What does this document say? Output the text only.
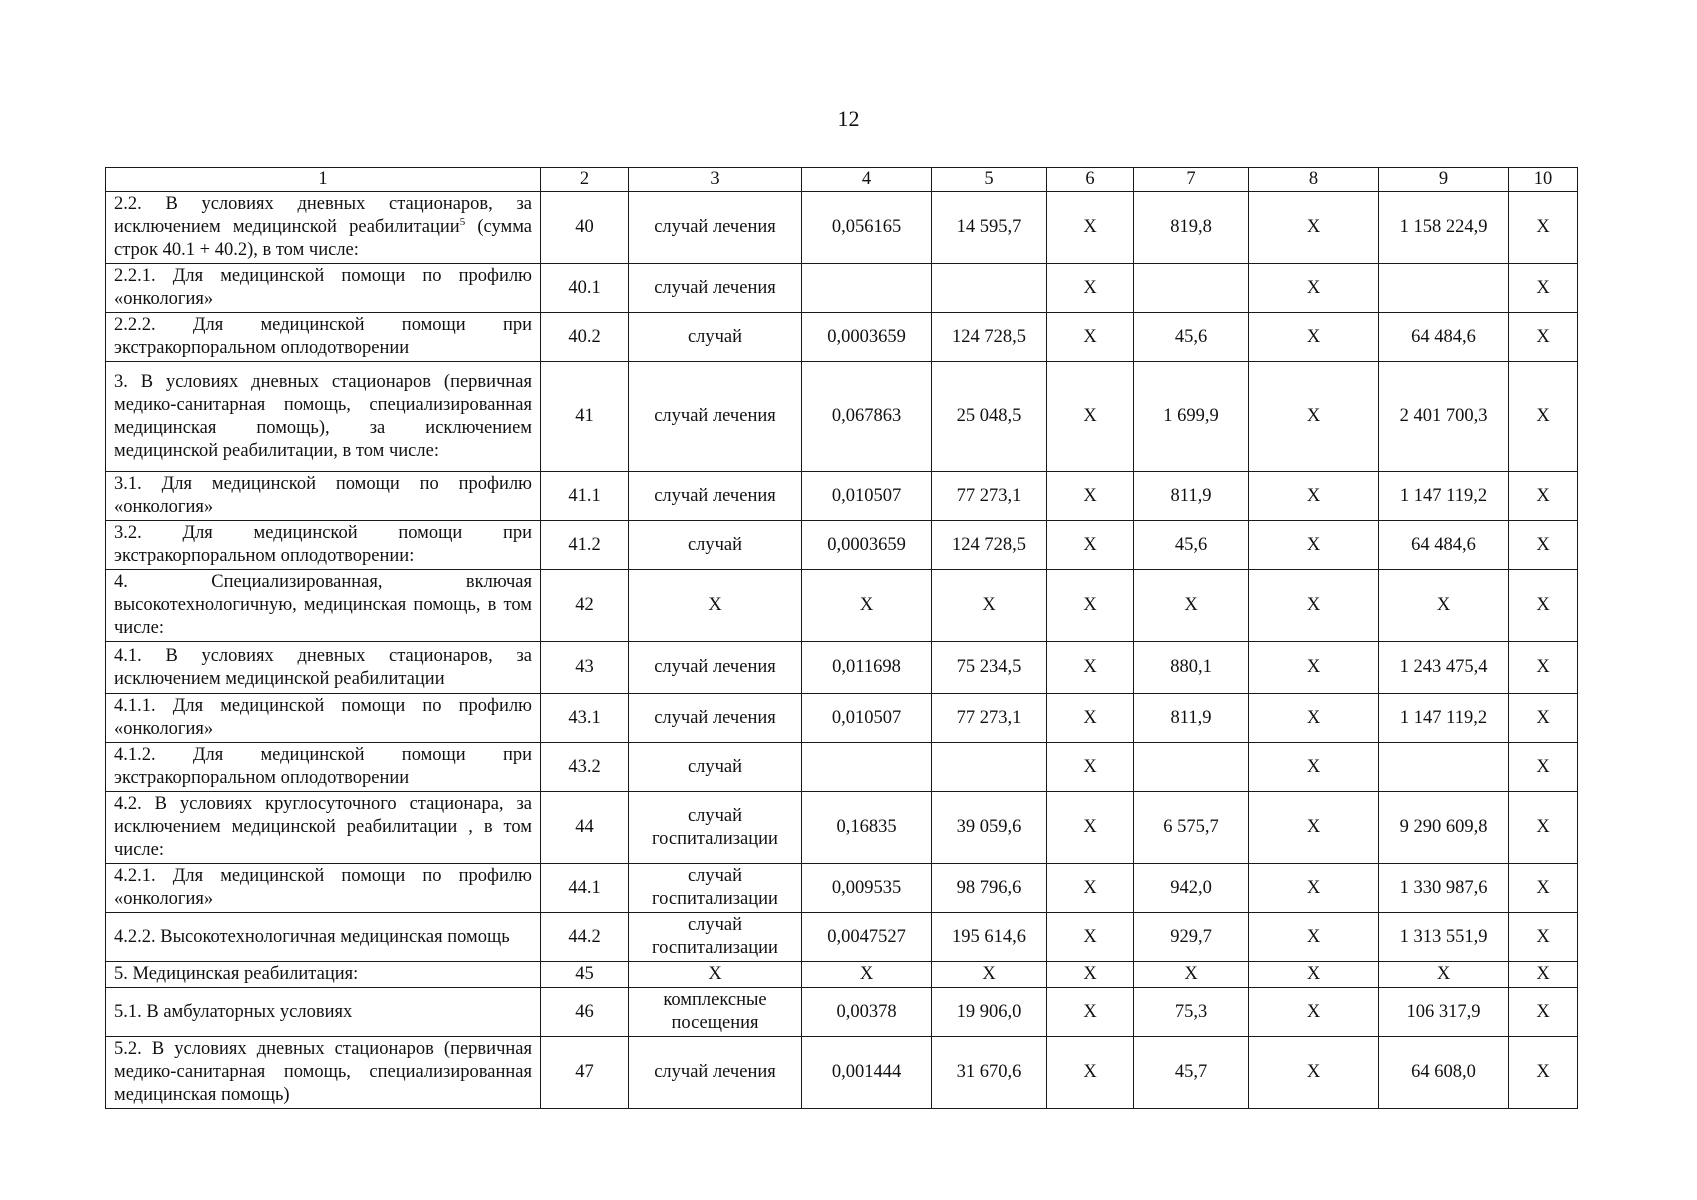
12
1	2	3	4	5	6	7	8	9	10
2.2. В условиях дневных стационаров, за исключением медицинской реабилитации$^5$ (сумма строк 40.1 + 40.2), в том числе:	40	случай лечения	0,056165	14 595,7	X	819,8	X	1 158 224,9	X
2.2.1. Для медицинской помощи по профилю «онкология»	40.1	случай лечения			X		X		X
2.2.2. Для медицинской помощи при экстракорпоральном оплодотворении	40.2	случай	0,0003659	124 728,5	X	45,6	X	64 484,6	X
3. В условиях дневных стационаров (первичная медико-санитарная помощь, специализированная медицинская помощь), за исключением медицинской реабилитации, в том числе:	41	случай лечения	0,067863	25 048,5	X	1 699,9	X	2 401 700,3	X
3.1. Для медицинской помощи по профилю «онкология»	41.1	случай лечения	0,010507	77 273,1	X	811,9	X	1 147 119,2	X
3.2. Для медицинской помощи при экстракорпоральном оплодотворении:	41.2	случай	0,0003659	124 728,5	X	45,6	X	64 484,6	X
4. Специализированная, включая высокотехнологичную, медицинская помощь, в том числе:	42	X	X	X	X	X	X	X	X
4.1. В условиях дневных стационаров, за исключением медицинской реабилитации	43	случай лечения	0,011698	75 234,5	X	880,1	X	1 243 475,4	X
4.1.1. Для медицинской помощи по профилю «онкология»	43.1	случай лечения	0,010507	77 273,1	X	811,9	X	1 147 119,2	X
4.1.2. Для медицинской помощи при экстракорпоральном оплодотворении	43.2	случай			X		X		X
4.2. В условиях круглосуточного стационара, за исключением медицинской реабилитации , в том числе:	44	случай госпитализации	0,16835	39 059,6	X	6 575,7	X	9 290 609,8	X
4.2.1. Для медицинской помощи по профилю «онкология»	44.1	случай госпитализации	0,009535	98 796,6	X	942,0	X	1 330 987,6	X
4.2.2. Высокотехнологичная медицинская помощь	44.2	случай госпитализации	0,0047527	195 614,6	X	929,7	X	1 313 551,9	X
5. Медицинская реабилитация:	45	X	X	X	X	X	X	X	X
5.1. В амбулаторных условиях	46	комплексные посещения	0,00378	19 906,0	X	75,3	X	106 317,9	X
5.2. В условиях дневных стационаров (первичная медико-санитарная помощь, специализированная медицинская помощь)	47	случай лечения	0,001444	31 670,6	X	45,7	X	64 608,0	X
